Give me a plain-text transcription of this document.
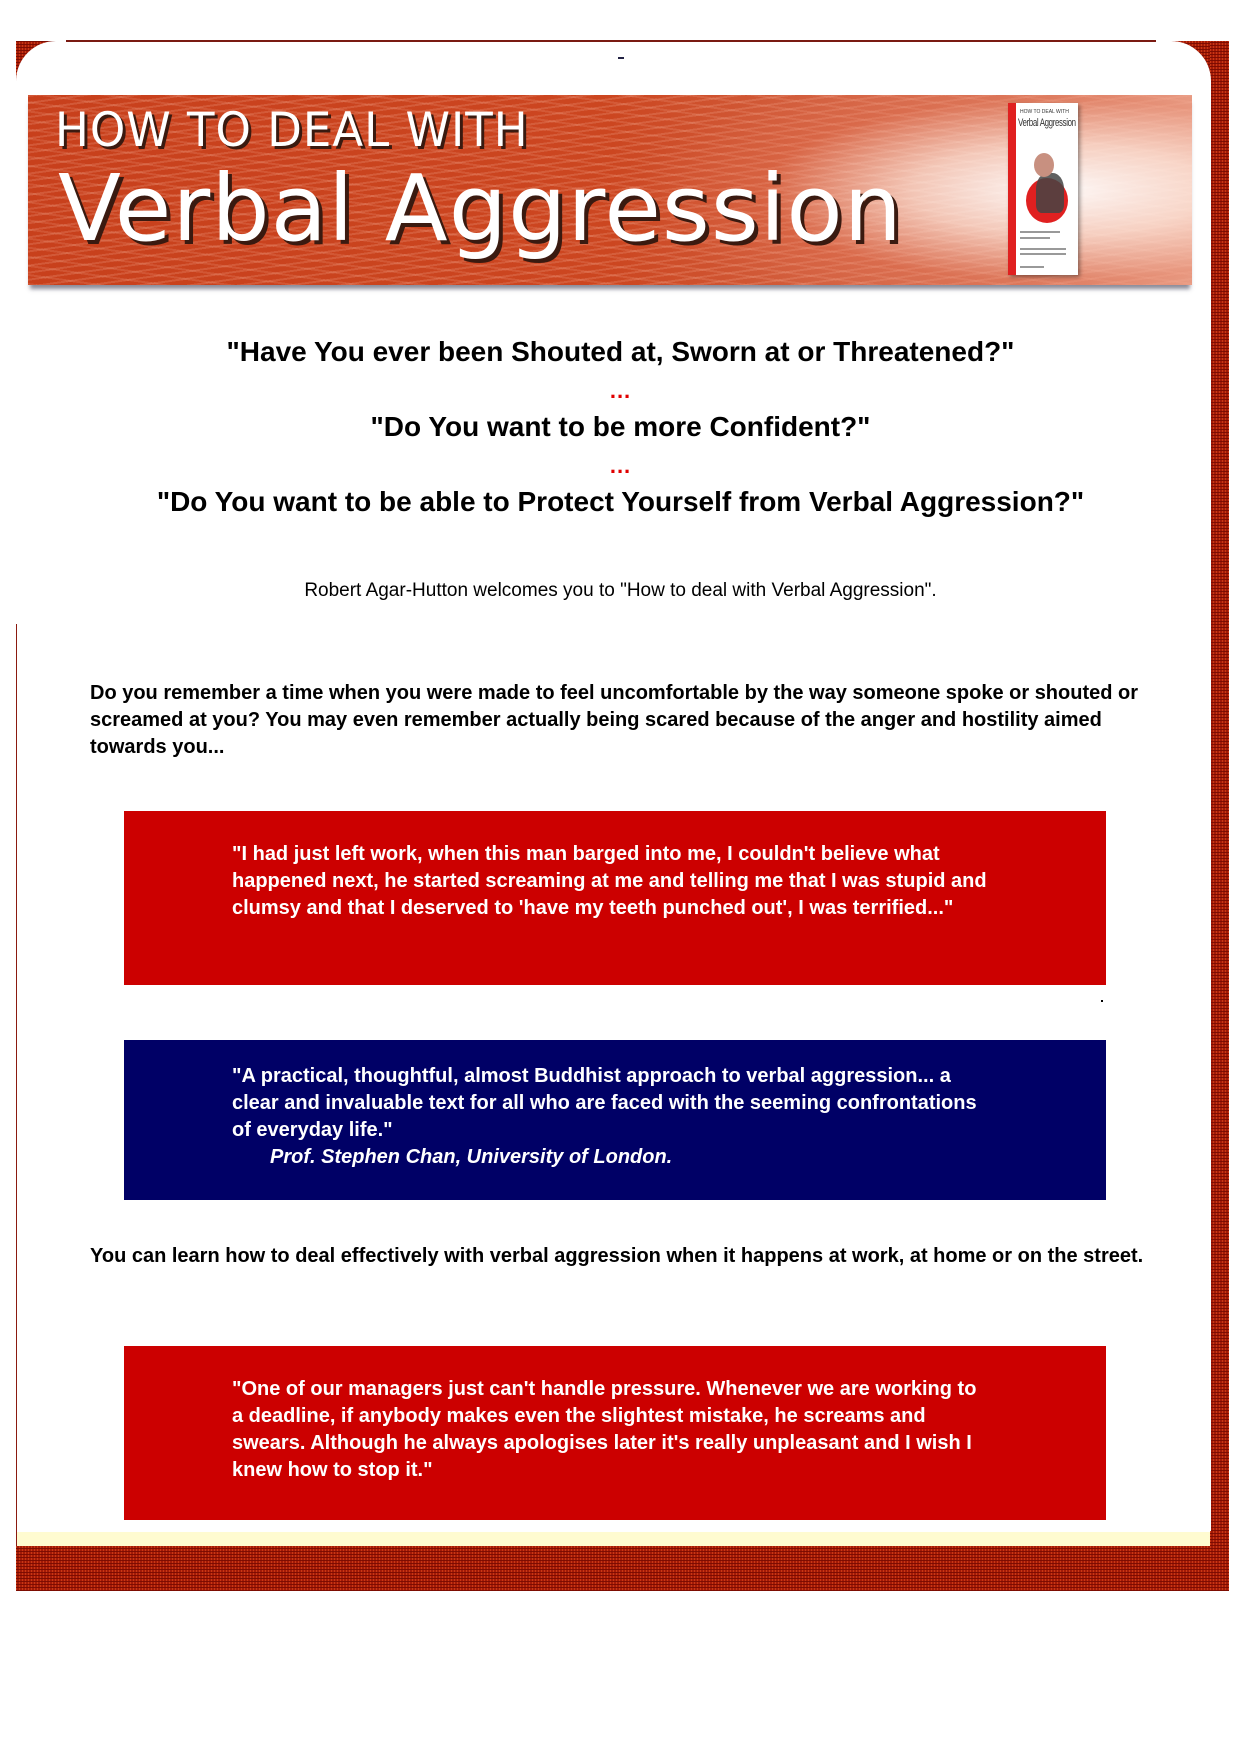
HOW TO DEAL WITH
Verbal Aggression
HOW TO DEAL WITH
Verbal Aggression
"Have You ever been Shouted at, Sworn at or Threatened?"
...
"Do You want to be more Confident?"
...
"Do You want to be able to Protect Yourself from Verbal Aggression?"
Robert Agar-Hutton welcomes you to "How to deal with Verbal Aggression".
Do you remember a time when you were made to feel uncomfortable by the way someone spoke or shouted or screamed at you? You may even remember actually being scared because of the anger and hostility aimed towards you...
"I had just left work, when this man barged into me, I couldn't believe what happened next, he started screaming at me and telling me that I was stupid and clumsy and that I deserved to 'have my teeth punched out', I was terrified..."
"A practical, thoughtful, almost Buddhist approach to verbal aggression... a clear and invaluable text for all who are faced with the seeming confrontations of everyday life."
Prof. Stephen Chan, University of London.
You can learn how to deal effectively with verbal aggression when it happens at work, at home or on the street.
"One of our managers just can't handle pressure. Whenever we are working to a deadline, if anybody makes even the slightest mistake, he screams and swears. Although he always apologises later it's really unpleasant and I wish I knew how to stop it."
